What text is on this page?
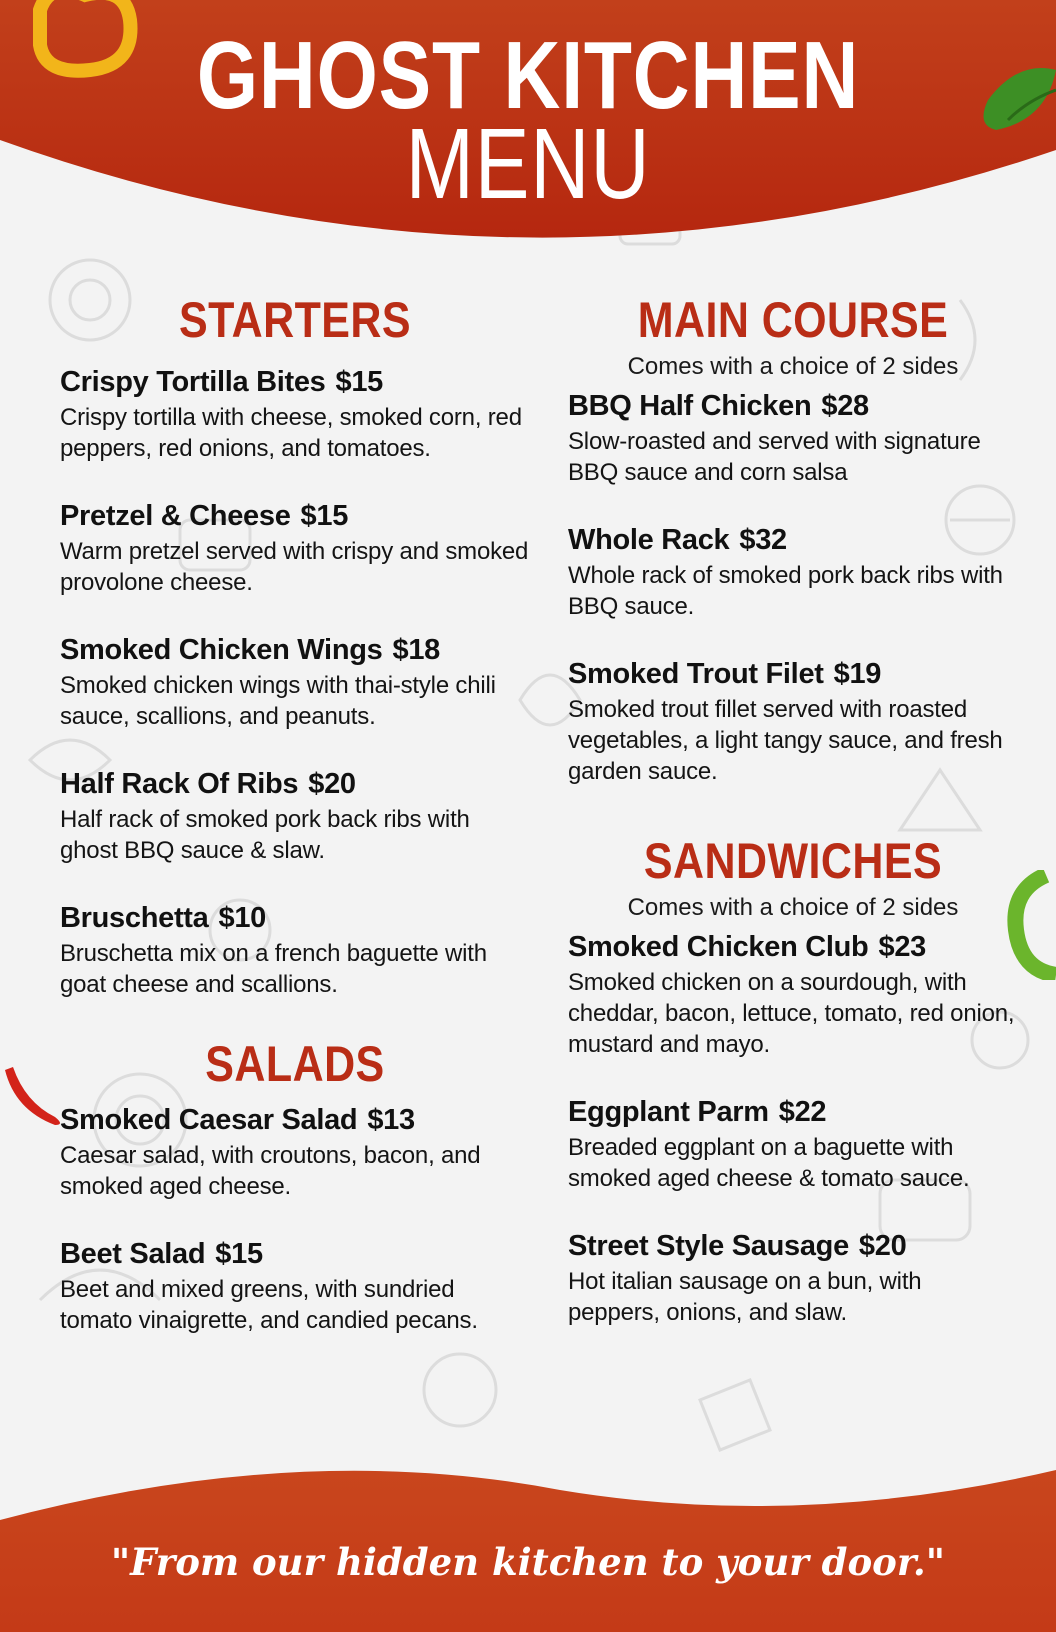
GHOST KITCHEN
MENU
STARTERS

Crispy Tortilla Bites $15

Crispy tortilla with cheese, smoked corn, red peppers, red onions, and tomatoes.

Pretzel & Cheese $15

Warm pretzel served with crispy and smoked provolone cheese.

Smoked Chicken Wings $18

Smoked chicken wings with thai-style chili sauce, scallions, and peanuts.

Half Rack Of Ribs $20

Half rack of smoked pork back ribs with ghost BBQ sauce & slaw.

Bruschetta $10

Bruschetta mix on a french baguette with goat cheese and scallions.

SALADS

Smoked Caesar Salad $13

Caesar salad, with croutons, bacon, and smoked aged cheese.

Beet Salad $15

Beet and mixed greens, with sundried tomato vinaigrette, and candied pecans.

MAIN COURSE

Comes with a choice of 2 sides

BBQ Half Chicken $28

Slow-roasted and served with signature BBQ sauce and corn salsa

Whole Rack $32

Whole rack of smoked pork back ribs with BBQ sauce.

Smoked Trout Filet $19

Smoked trout fillet served with roasted vegetables, a light tangy sauce, and fresh garden sauce.

SANDWICHES

Comes with a choice of 2 sides

Smoked Chicken Club $23

Smoked chicken on a sourdough, with cheddar, bacon, lettuce, tomato, red onion, mustard and mayo.

Eggplant Parm $22

Breaded eggplant on a baguette with smoked aged cheese & tomato sauce.

Street Style Sausage $20

Hot italian sausage on a bun, with peppers, onions, and slaw.

"From our hidden kitchen to your door."
